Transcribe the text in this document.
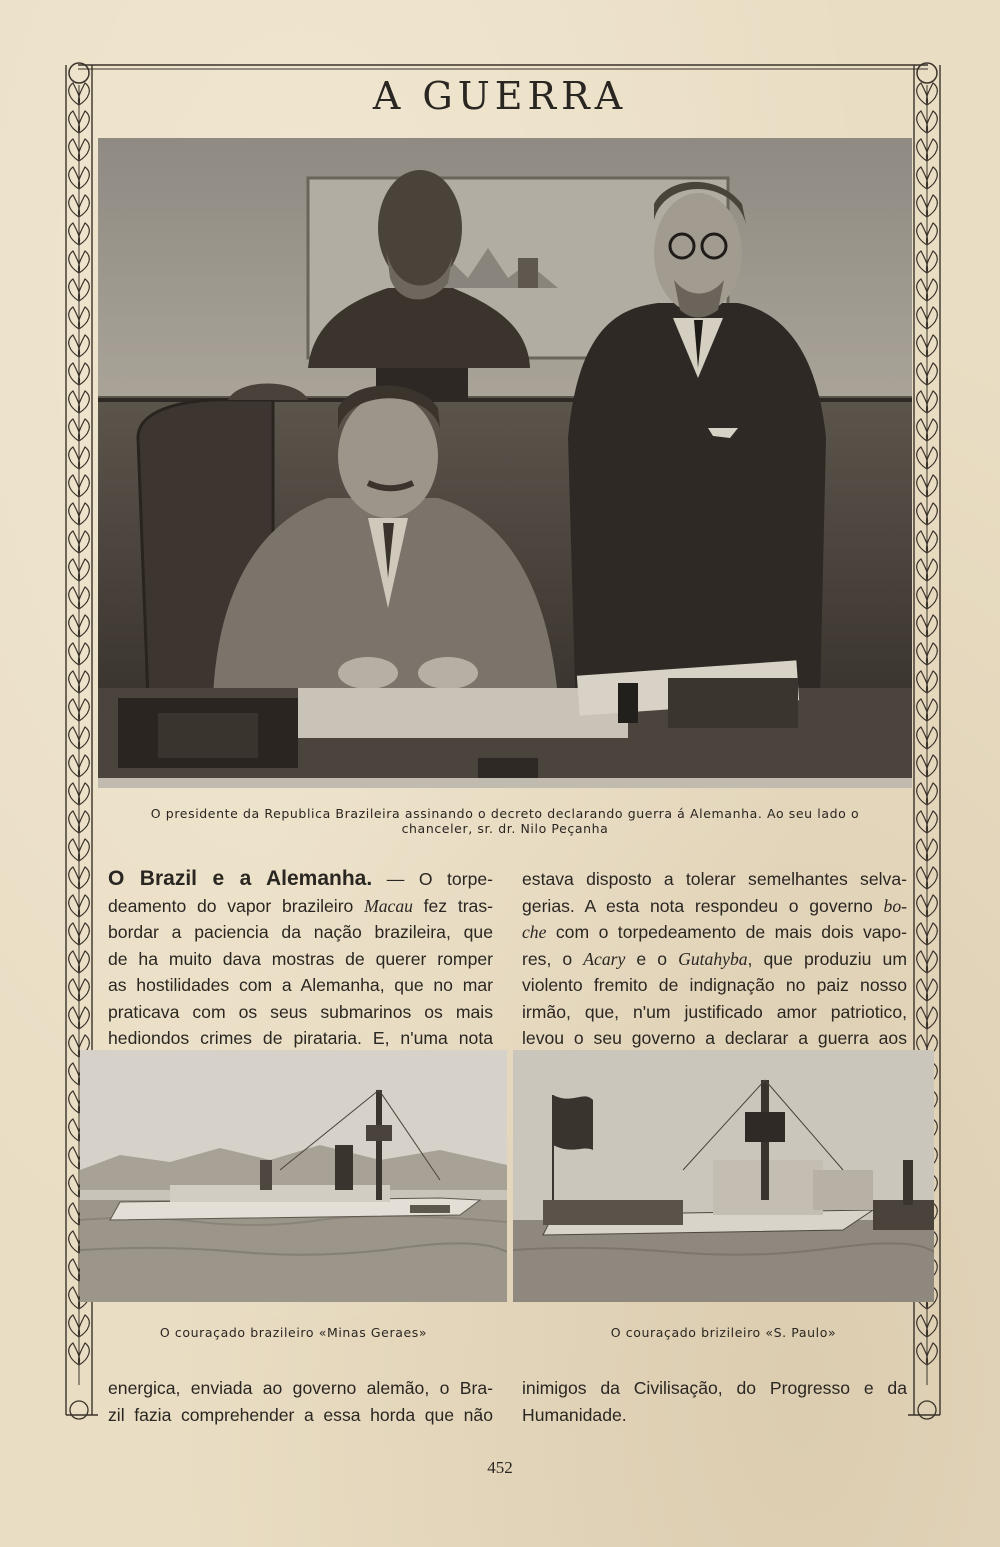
A GUERRA
O presidente da Republica Brazileira assinando o decreto declarando guerra á Alemanha. Ao seu lado o
chanceler, sr. dr. Nilo Peçanha
O Brazil e a Alemanha. — O torpe-
deamento do vapor brazileiro Macau fez tras-
bordar a paciencia da nação brazileira, que
de ha muito dava mostras de querer romper
as hostilidades com a Alemanha, que no mar
praticava com os seus submarinos os mais
hediondos crimes de pirataria. E, n'uma nota
estava disposto a tolerar semelhantes selva-
gerias. A esta nota respondeu o governo bo-
che com o torpedeamento de mais dois vapo-
res, o Acary e o Gutahyba, que produziu um
violento fremito de indignação no paiz nosso
irmão, que, n'um justificado amor patriotico,
levou o seu governo a declarar a guerra aos
O couraçado brazileiro «Minas Geraes»	O couraçado brizileiro «S. Paulo»
energica, enviada ao governo alemão, o Bra-
zil fazia comprehender a essa horda que não
inimigos da Civilisação, do Progresso e da
Humanidade.
452
